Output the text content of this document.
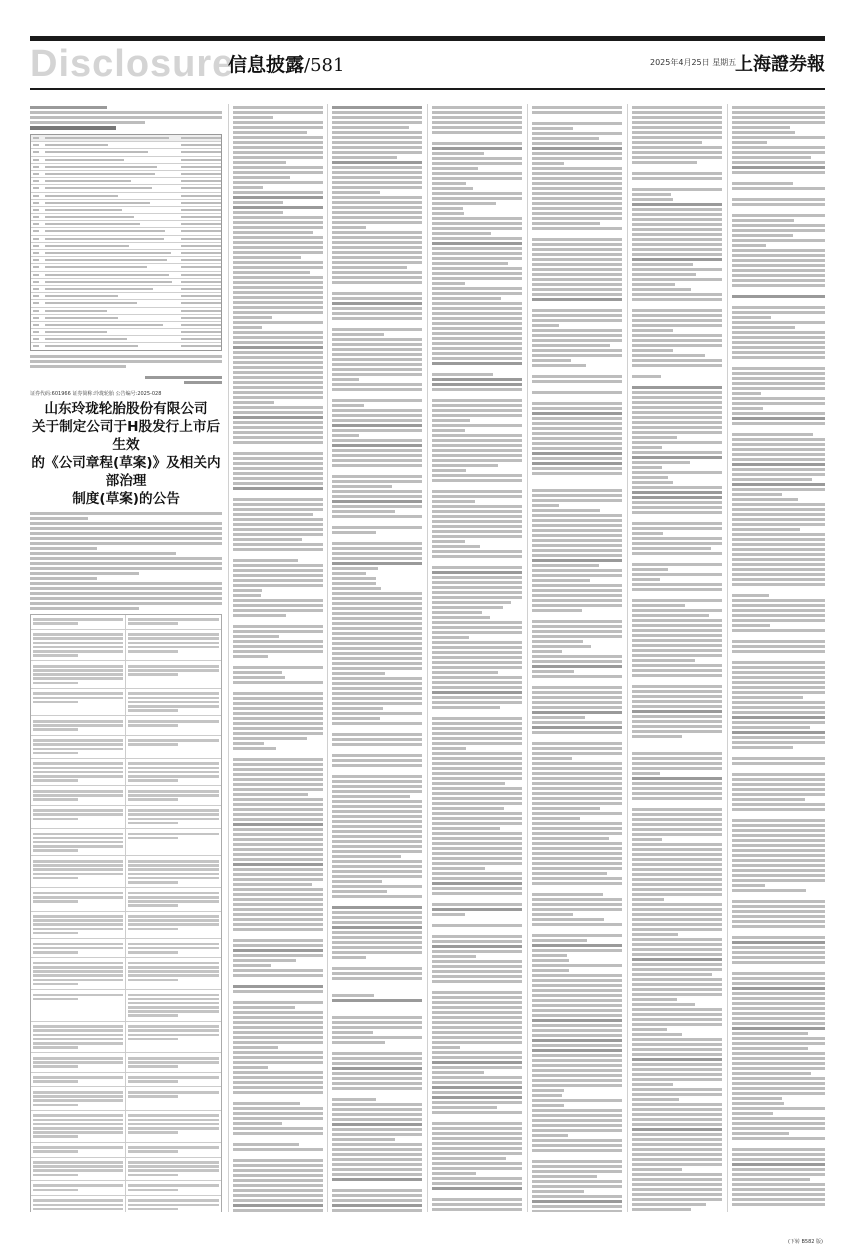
Disclosure
信息披露/581	2025年4月25日 星期五
上海證券報
证券代码:601966 证券简称:玲珑轮胎 公告编号:2025-028
山东玲珑轮胎股份有限公司
关于制定公司于H股发行上市后生效
的《公司章程(草案)》及相关内部治理
制度(草案)的公告
(下转 B582 版)
